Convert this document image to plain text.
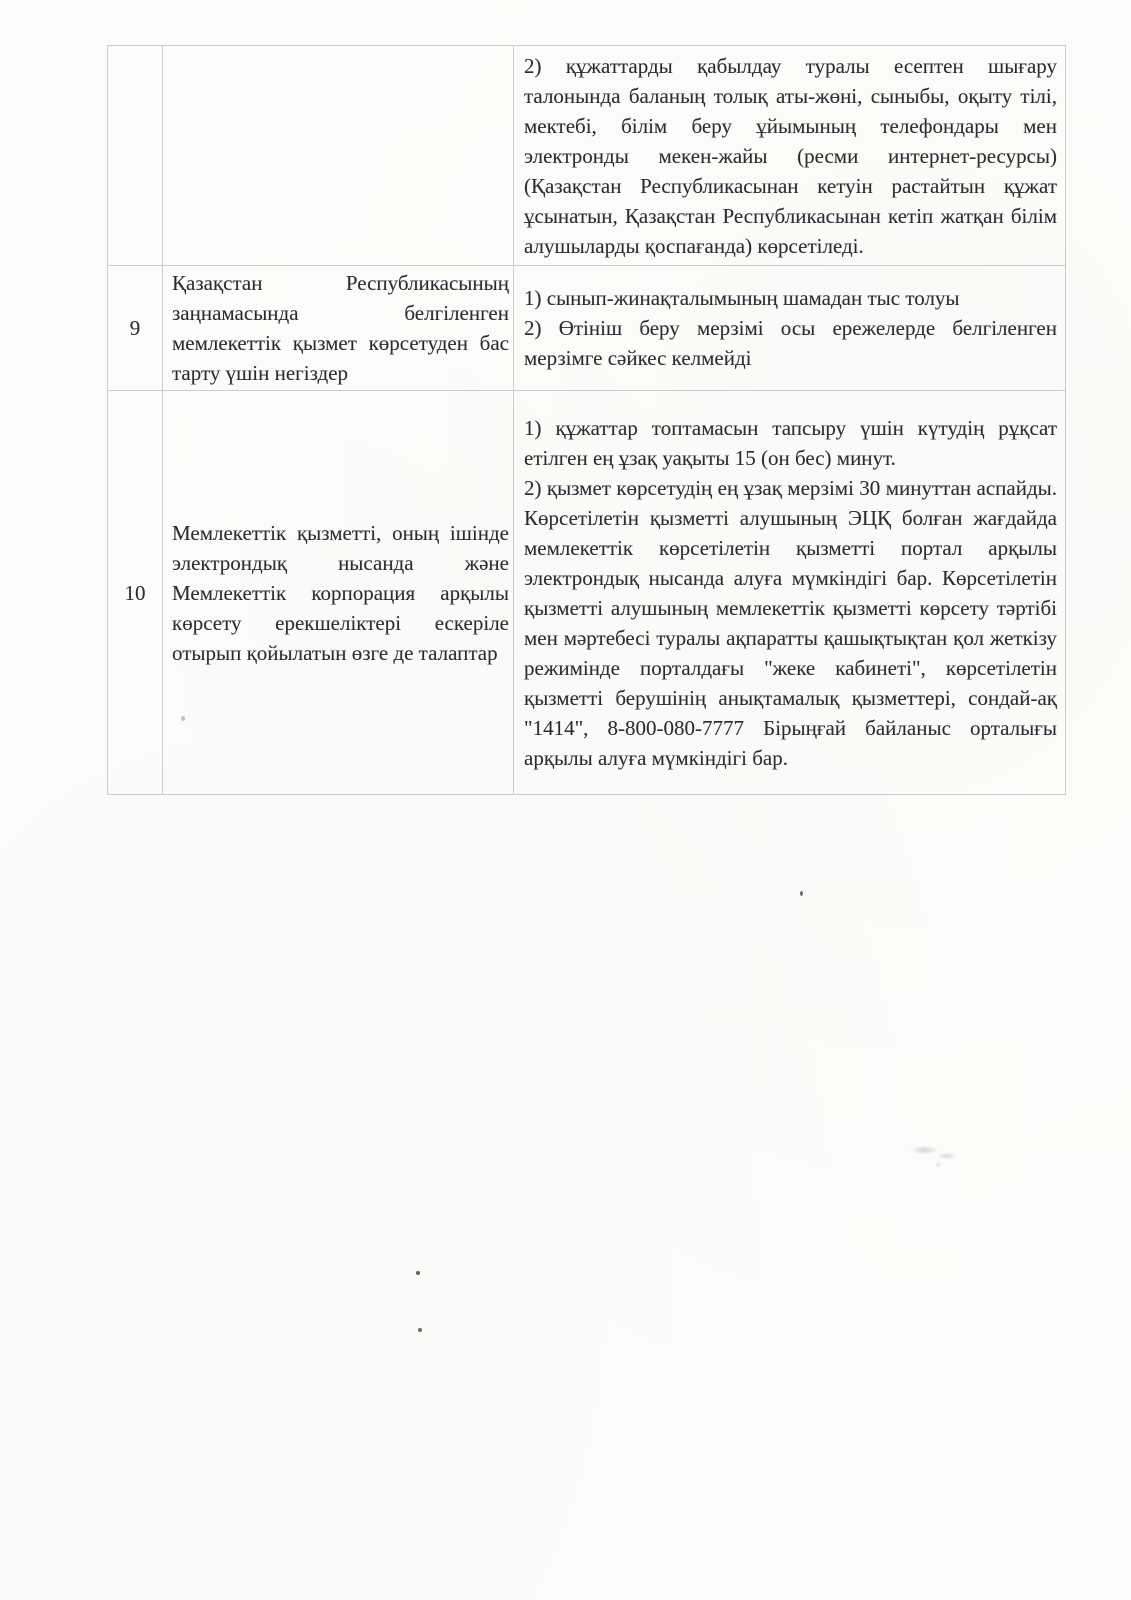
		2) құжаттарды қабылдау туралы есептен шығару талонында баланың толық аты-жөні, сыныбы, оқыту тілі, мектебі, білім беру ұйымының телефондары мен электронды мекен-жайы (ресми интернет-ресурсы) (Қазақстан Республикасынан кетуін растайтын құжат ұсынатын, Қазақстан Республикасынан кетіп жатқан білім алушыларды қоспағанда) көрсетіледі.

9	Қазақстан Республикасының заңнамасында белгіленген мемлекеттік қызмет көрсетуден бас тарту үшін негіздер	1) сынып-жинақталымының шамадан тыс толуы

2) Өтініш беру мерзімі осы ережелерде белгіленген мерзімге сәйкес келмейді

10	Мемлекеттік қызметті, оның ішінде электрондық нысанда және Мемлекеттік корпорация арқылы көрсету ерекшеліктері ескеріле отырып қойылатын өзге де талаптар	1) құжаттар топтамасын тапсыру үшін күтудің рұқсат етілген ең ұзақ уақыты 15 (он бес) минут.

2) қызмет көрсетудің ең ұзақ мерзімі 30 минуттан аспайды. Көрсетілетін қызметті алушының ЭЦҚ болған жағдайда мемлекеттік көрсетілетін қызметті портал арқылы электрондық нысанда алуға мүмкіндігі бар. Көрсетілетін қызметті алушының мемлекеттік қызметті көрсету тәртібі мен мәртебесі туралы ақпаратты қашықтықтан қол жеткізу режимінде порталдағы "жеке кабинеті", көрсетілетін қызметті берушінің анықтамалық қызметтері, сондай-ақ "1414", 8-800-080-7777 Бірыңғай байланыс орталығы арқылы алуға мүмкіндігі бар.
